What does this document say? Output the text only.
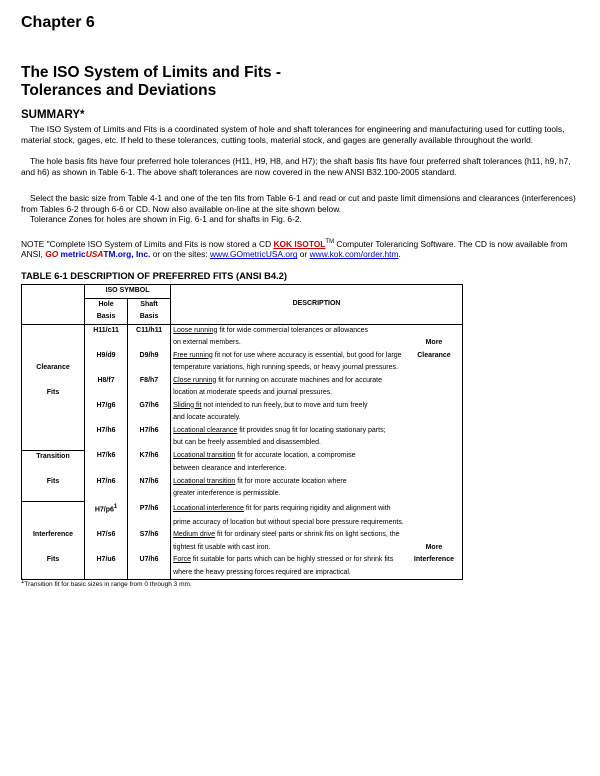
Chapter 6
The ISO System of Limits and Fits -
Tolerances and Deviations
SUMMARY*

The ISO System of Limits and Fits is a coordinated system of hole and shaft tolerances for engineering and manufacturing used for cutting tools, material stock, gages, etc. If held to these tolerances, cutting tools, material stock, and gages are generally available throughout the world.

The hole basis fits have four preferred hole tolerances (H11, H9, H8, and H7); the shaft basis fits have four preferred shaft tolerances (h11, h9, h7, and h6) as shown in Table 6-1. The above shaft tolerances are now covered in the new ANSI B32.100-2005 standard.

Select the basic size from Table 4-1 and one of the ten fits from Table 6-1 and read or cut and paste limit dimensions and clearances (interferences) from Tables 6-2 through 6-6 or CD. Now also available on-line at the site shown below.

Tolerance Zones for holes are shown in Fig. 6-1 and for shafts in Fig. 6-2.

NOTE "Complete ISO System of Limits and Fits is now stored a CD KOK ISOTOL™ Computer Tolerancing Software. The CD is now available from ANSI, GO metricUSATM.org, Inc. or on the sites: www.GOmetricUSA.org or www.kok.com/order.htm.

TABLE 6-1 DESCRIPTION OF PREFERRED FITS (ANSI B4.2)
	ISO SYMBOL		DESCRIPTION	
	Hole	Shaft		
	Basis	Basis		
	H11/c11	C11/h11	Loose running fit for wide commercial tolerances or allowances	
			on external members.	More
	H9/d9	D9/h9	Free running fit not for use where accuracy is essential, but good for large	Clearance
Clearance			temperature variations, high running speeds, or heavy journal pressures.	
	H8/f7	F8/h7	Close running fit for running on accurate machines and for accurate	
Fits			location at moderate speeds and journal pressures.	
	H7/g6	G7/h6	Sliding fit not intended to run freely, but to move and turn freely	
			and locate accurately.	
	H7/h6	H7/h6	Locational clearance fit provides snug fit for locating stationary parts;	
			but can be freely assembled and disassembled.	
Transition	H7/k6	K7/h6	Locational transition fit for accurate location, a compromise	
			between clearance and interference.	
Fits	H7/n6	N7/h6	Locational transition fit for more accurate location where	
			greater interference is permissible.	
	$H7/p6^1$	P7/h6	Locational interference fit for parts requiring rigidity and alignment with	
			prime accuracy of location but without special bore pressure requirements.	
Interference	H7/s6	S7/h6	Medium drive fit for ordinary steel parts or shrink fits on light sections, the	
			tightest fit usable with cast iron.	More
Fits	H7/u6	U7/h6	Force fit suitable for parts which can be highly stressed or for shrink fits	Interference
			where the heavy pressing forces required are impractical.	

$^1$Transition fit for basic sizes in range from 0 through 3 mm.
